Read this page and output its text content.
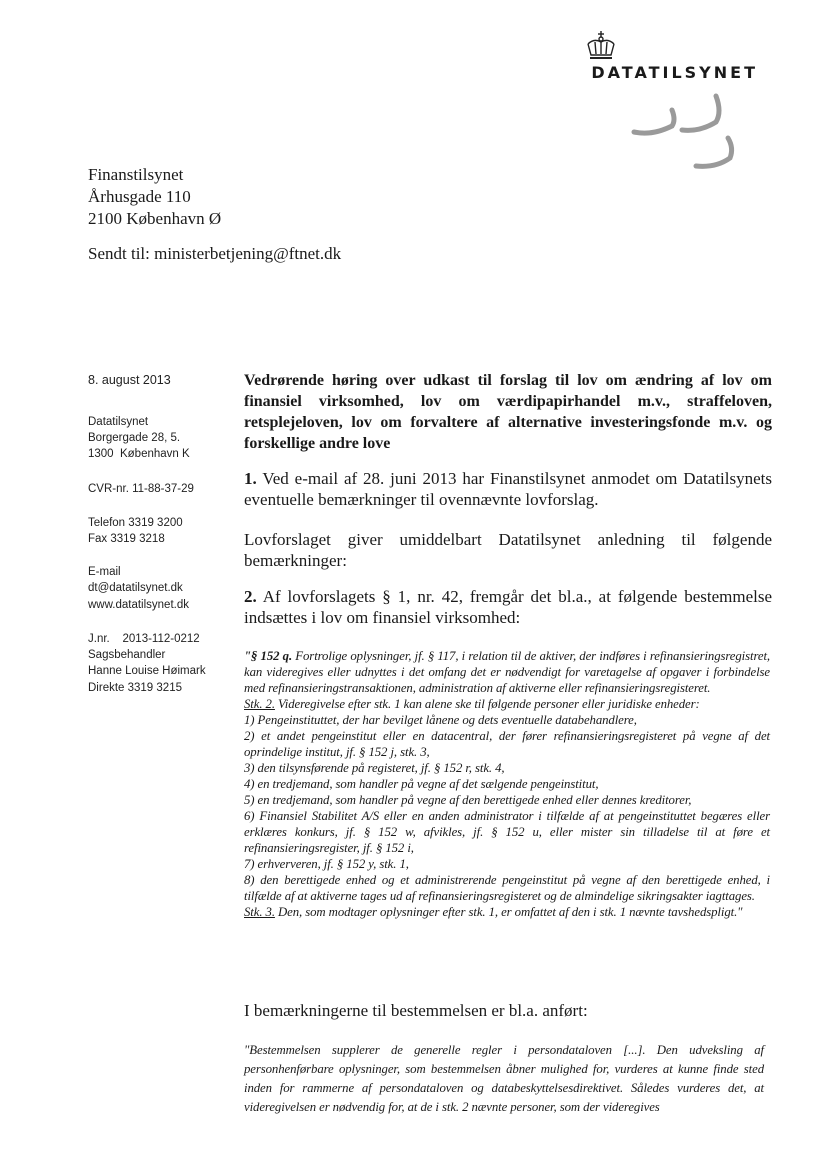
DATATILSYNET
Finanstilsynet
Århusgade 110
2100 København Ø
Sendt til: ministerbetjening@ftnet.dk
8. august 2013
Datatilsynet
Borgergade 28, 5.
1300  København K
CVR-nr. 11-88-37-29
Telefon 3319 3200
Fax 3319 3218
E-mail
dt@datatilsynet.dk
www.datatilsynet.dk
J.nr.    2013-112-0212
Sagsbehandler
Hanne Louise Høimark
Direkte 3319 3215
Vedrørende høring over udkast til forslag til lov om ændring af lov om finansiel virksomhed, lov om værdipapirhandel m.v., straffeloven, retsplejeloven, lov om forvaltere af alternative investeringsfonde m.v. og forskellige andre love
1. Ved e-mail af 28. juni 2013 har Finanstilsynet anmodet om Datatilsynets eventuelle bemærkninger til ovennævnte lovforslag.
Lovforslaget giver umiddelbart Datatilsynet anledning til følgende bemærkninger:
2. Af lovforslagets § 1, nr. 42, fremgår det bl.a., at følgende bestemmelse indsættes i lov om finansiel virksomhed:

"§ 152 q. Fortrolige oplysninger, jf. § 117, i relation til de aktiver, der indføres i refinansieringsregistret, kan videregives eller udnyttes i det omfang det er nødvendigt for varetagelse af opgaver i forbindelse med refinansieringstransaktionen, administration af aktiverne eller refinansieringsregisteret.

Stk. 2. Videregivelse efter stk. 1 kan alene ske til følgende personer eller juridiske enheder:

1) Pengeinstituttet, der har bevilget lånene og dets eventuelle databehandlere,

2) et andet pengeinstitut eller en datacentral, der fører refinansieringsregisteret på vegne af det oprindelige institut, jf. § 152 j, stk. 3,

3) den tilsynsførende på registeret, jf. § 152 r, stk. 4,

4) en tredjemand, som handler på vegne af det sælgende pengeinstitut,

5) en tredjemand, som handler på vegne af den berettigede enhed eller dennes kreditorer,

6) Finansiel Stabilitet A/S eller en anden administrator i tilfælde af at pengeinstituttet begæres eller erklæres konkurs, jf. § 152 w, afvikles, jf. § 152 u, eller mister sin tilladelse til at føre et refinansieringsregister, jf. § 152 i,

7) erhververen, jf. § 152 y, stk. 1,

8) den berettigede enhed og et administrerende pengeinstitut på vegne af den berettigede enhed, i tilfælde af at aktiverne tages ud af refinansieringsregisteret og de almindelige sikringsakter iagttages.

Stk. 3. Den, som modtager oplysninger efter stk. 1, er omfattet af den i stk. 1 nævnte tavshedspligt."

I bemærkningerne til bestemmelsen er bl.a. anført:
"Bestemmelsen supplerer de generelle regler i persondataloven [...]. Den udveksling af personhenførbare oplysninger, som bestemmelsen åbner mulighed for, vurderes at kunne finde sted inden for rammerne af persondataloven og databeskyttelsesdirektivet. Således vurderes det, at videregivelsen er nødvendig for, at de i stk. 2 nævnte personer, som der videregives
